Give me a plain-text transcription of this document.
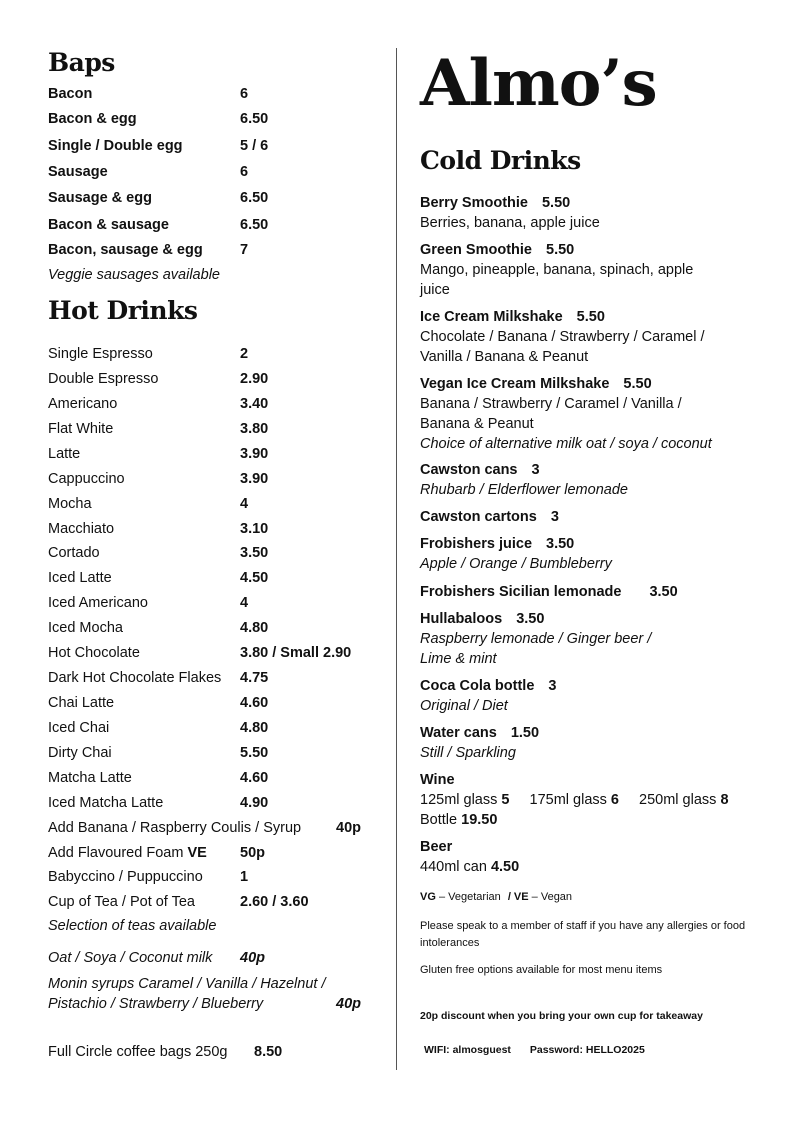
Baps
Bacon	6
Bacon & egg	6.50
Single / Double egg	5 / 6
Sausage	6
Sausage & egg	6.50
Bacon & sausage	6.50
Bacon, sausage & egg	7
Veggie sausages available
Hot Drinks
Single Espresso	2
Double Espresso	2.90
Americano	3.40
Flat White	3.80
Latte	3.90
Cappuccino	3.90
Mocha	4
Macchiato	3.10
Cortado	3.50
Iced Latte	4.50
Iced Americano	4
Iced Mocha	4.80
Hot Chocolate	3.80 / Small 2.90
Dark Hot Chocolate Flakes 4.75
Chai Latte	4.60
Iced Chai	4.80
Dirty Chai	5.50
Matcha Latte	4.60
Iced Matcha Latte	4.90
Add Banana / Raspberry Coulis / Syrup 40p
Add Flavoured Foam VE 50p
Babyccino / Puppuccino	1
Cup of Tea / Pot of Tea	2.60 / 3.60
Selection of teas available
Oat / Soya / Coconut milk 40p
Monin syrups Caramel / Vanilla / Hazelnut /
Pistachio / Strawberry / Blueberry	40p
Full Circle coffee bags 250g 8.50
Almo’s
Cold Drinks
Berry Smoothie 5.50
Berries, banana, apple juice
Green Smoothie 5.50
Mango, pineapple, banana, spinach, apple
juice
Ice Cream Milkshake 5.50
Chocolate / Banana / Strawberry / Caramel /
Vanilla / Banana & Peanut
Vegan Ice Cream Milkshake 5.50
Banana / Strawberry / Caramel / Vanilla /
Banana & Peanut
Choice of alternative milk oat / soya / coconut
Cawston cans 3
Rhubarb / Elderflower lemonade
Cawston cartons 3
Frobishers juice 3.50
Apple / Orange / Bumbleberry
Frobishers Sicilian lemonade 3.50
Hullabaloos 3.50
Raspberry lemonade / Ginger beer /
Lime & mint
Coca Cola bottle 3
Original / Diet
Water cans 1.50
Still / Sparkling
Wine
125ml glass 5 175ml glass 6 250ml glass 8
Bottle 19.50
Beer
440ml can 4.50
VG – Vegetarian / VE – Vegan
Please speak to a member of staff if you have any allergies or food intolerances
Gluten free options available for most menu items
20p discount when you bring your own cup for takeaway
WIFI: almosguest Password: HELLO2025
